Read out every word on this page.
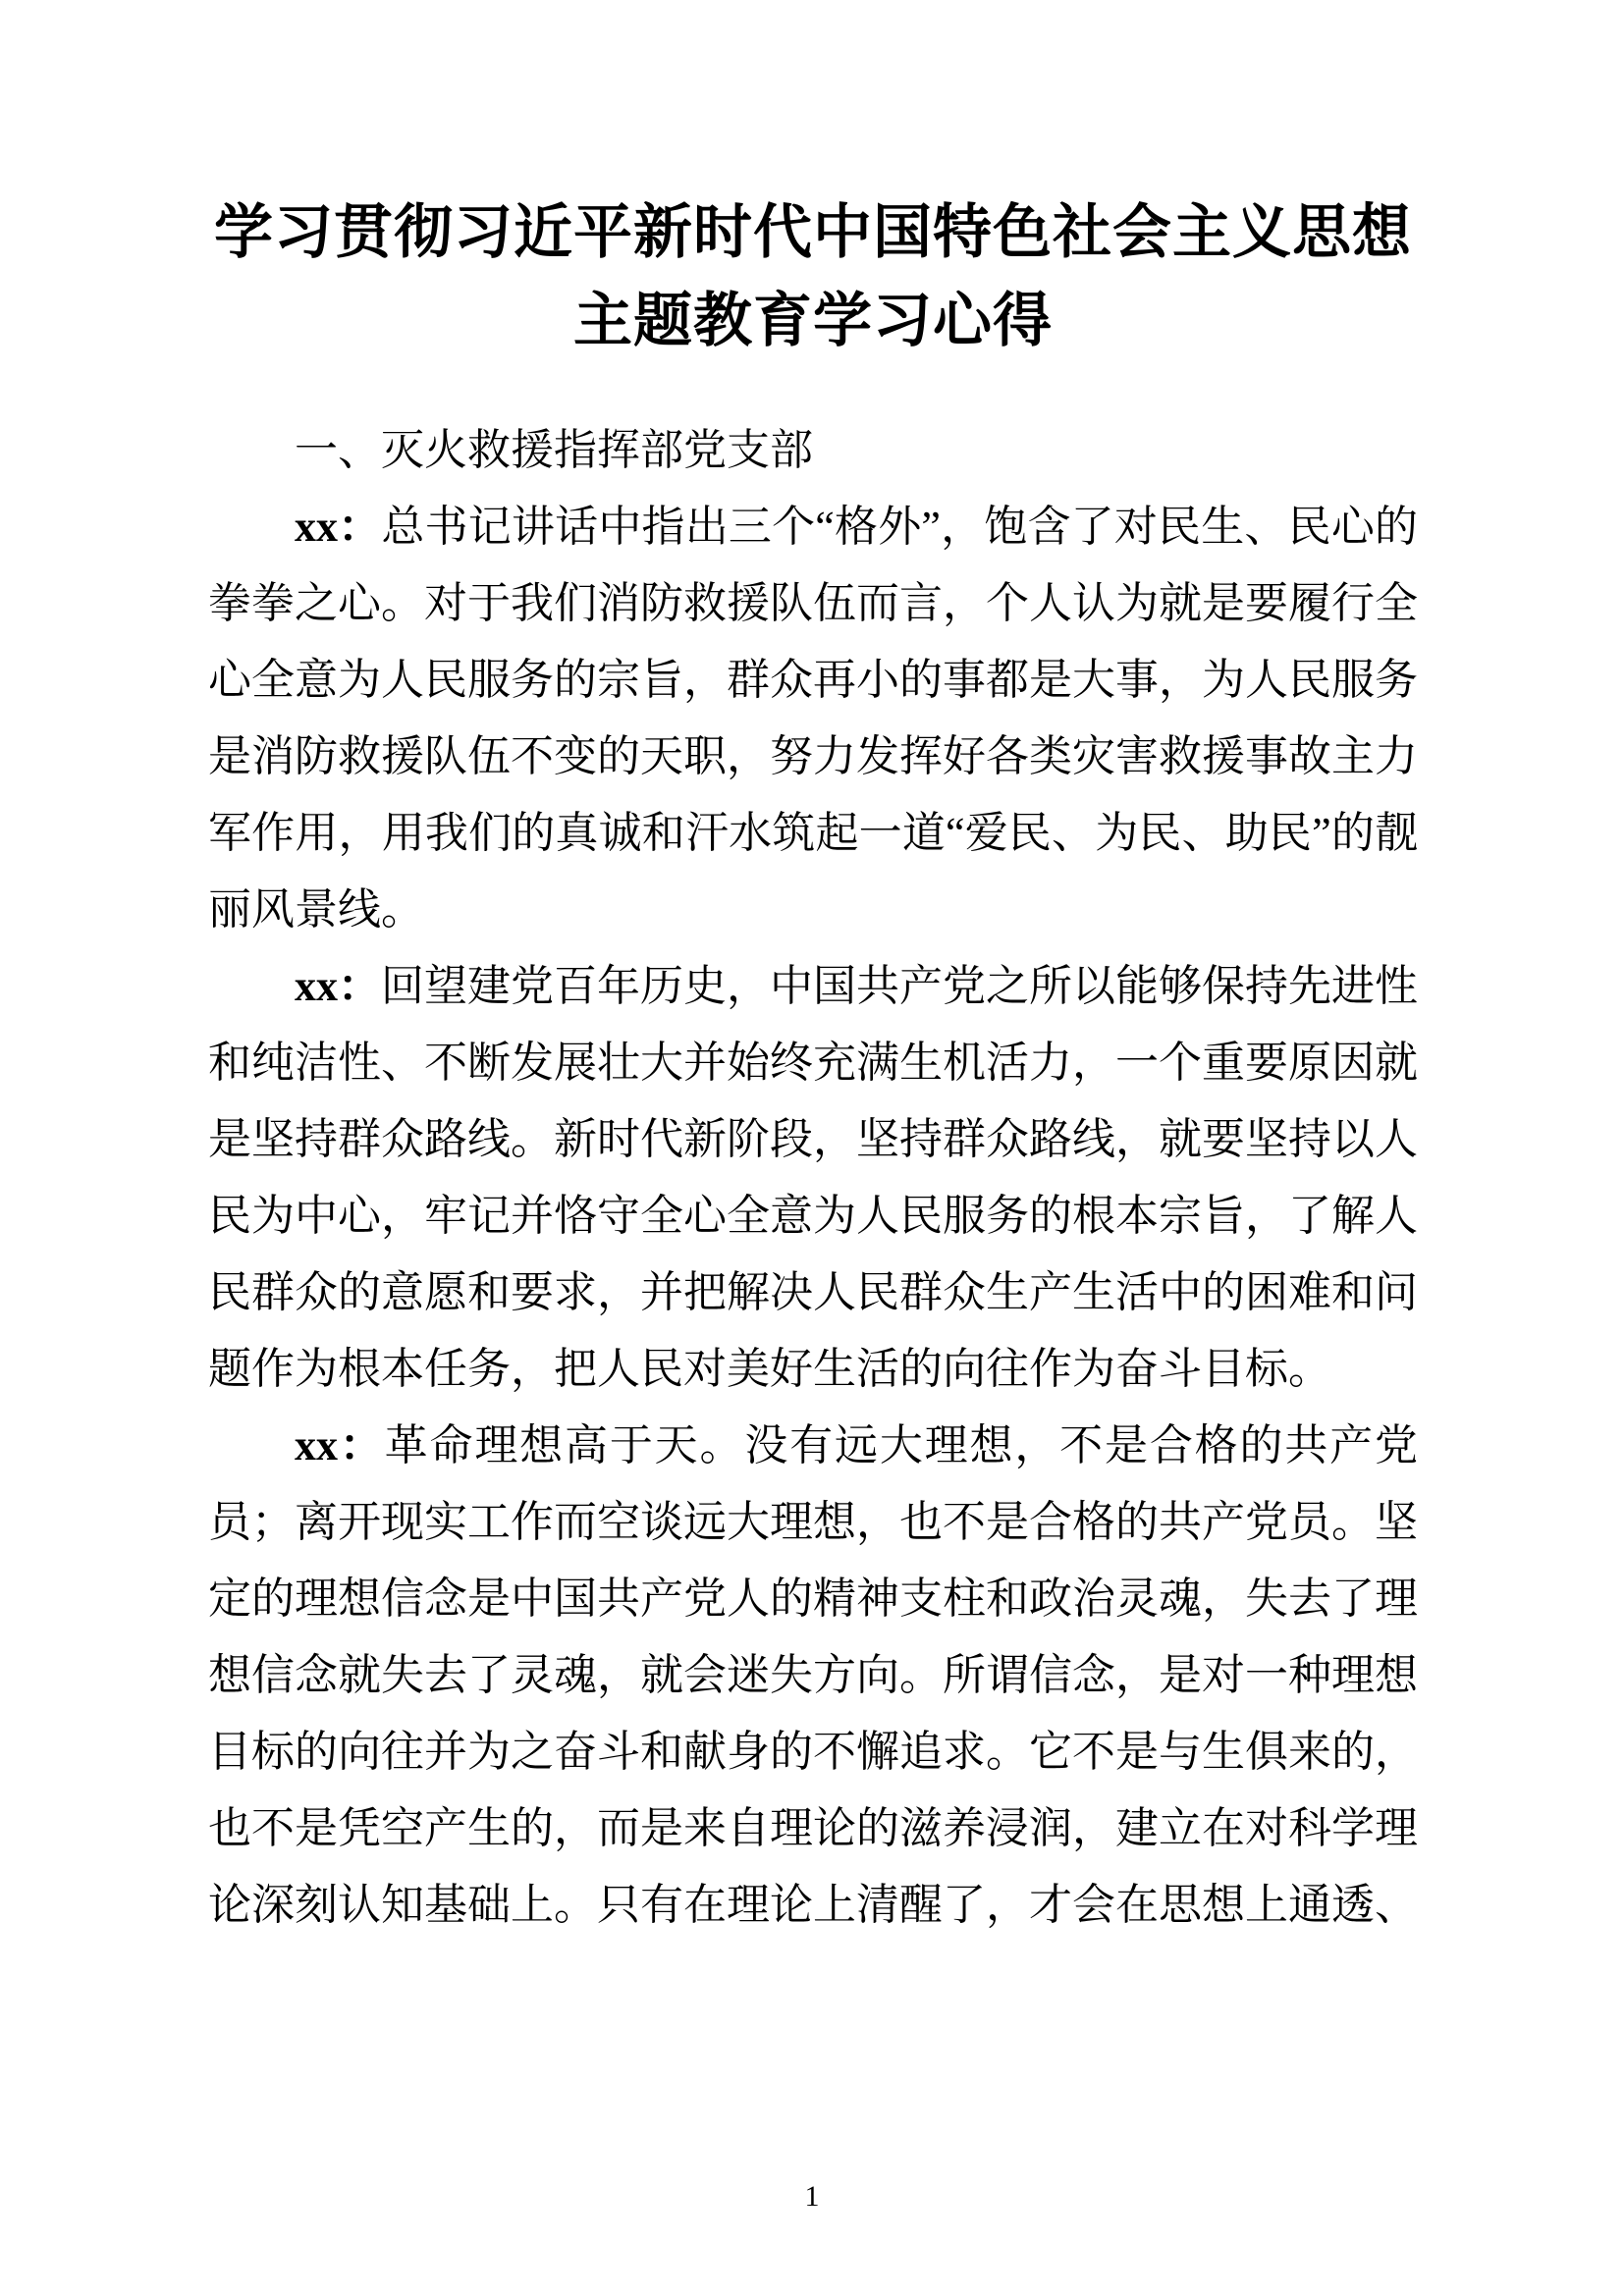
学习贯彻习近平新时代中国特色社会主义思想
主题教育学习心得

一、灭火救援指挥部党支部

xx：总书记讲话中指出三个“格外”，饱含了对民生、民心的拳拳之心。对于我们消防救援队伍而言，个人认为就是要履行全心全意为人民服务的宗旨，群众再小的事都是大事，为人民服务是消防救援队伍不变的天职，努力发挥好各类灾害救援事故主力军作用，用我们的真诚和汗水筑起一道“爱民、为民、助民”的靓丽风景线。

xx：回望建党百年历史，中国共产党之所以能够保持先进性和纯洁性、不断发展壮大并始终充满生机活力，一个重要原因就是坚持群众路线。新时代新阶段，坚持群众路线，就要坚持以人民为中心，牢记并恪守全心全意为人民服务的根本宗旨，了解人民群众的意愿和要求，并把解决人民群众生产生活中的困难和问题作为根本任务，把人民对美好生活的向往作为奋斗目标。

xx：革命理想高于天。没有远大理想，不是合格的共产党员；离开现实工作而空谈远大理想，也不是合格的共产党员。坚定的理想信念是中国共产党人的精神支柱和政治灵魂，失去了理想信念就失去了灵魂，就会迷失方向。所谓信念，是对一种理想目标的向往并为之奋斗和献身的不懈追求。它不是与生俱来的，也不是凭空产生的，而是来自理论的滋养浸润，建立在对科学理论深刻认知基础上。只有在理论上清醒了，才会在思想上通透、

1
